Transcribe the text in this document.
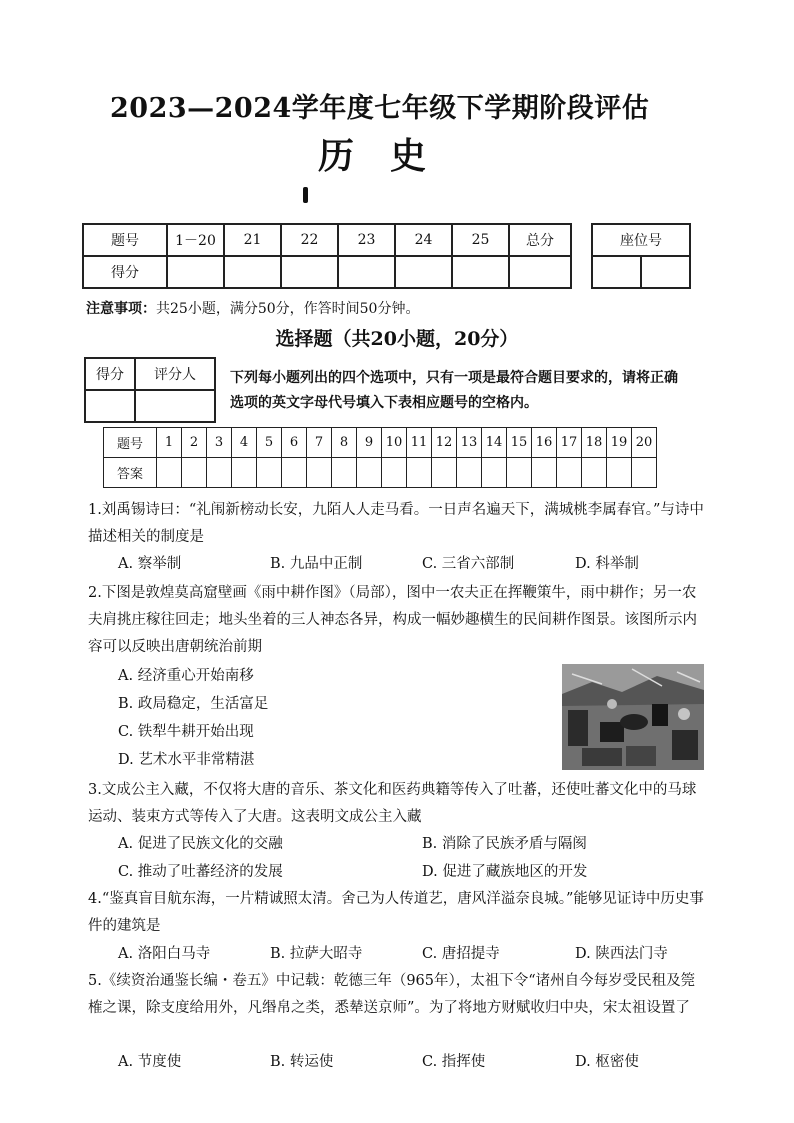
2023—2024学年度七年级下学期阶段评估
历史
题号	1－20	21	22	23	24	25	总分
得分							
座位号

注意事项：共25小题，满分50分，作答时间50分钟。
选择题（共20小题，20分）
得分	评分人
	下列每小题列出的四个选项中，只有一项是最符合题目要求的，请将正确选项的英文字母代号填入下表相应题号的空格内。
题号	1	2	3	4	5	6	7	8	9	10	11	12	13	14	15	16	17	18	19	20
答案																				
1.刘禹锡诗曰：“礼闱新榜动长安，九陌人人走马看。一日声名遍天下，满城桃李属春官。”与诗中描述相关的制度是
A. 察举制	B. 九品中正制	C. 三省六部制	D. 科举制
2.下图是敦煌莫高窟壁画《雨中耕作图》（局部），图中一农夫正在挥鞭策牛，雨中耕作；另一农夫肩挑庄稼往回走；地头坐着的三人神态各异，构成一幅妙趣横生的民间耕作图景。该图所示内容可以反映出唐朝统治前期
A. 经济重心开始南移
B. 政局稳定，生活富足
C. 铁犁牛耕开始出现
D. 艺术水平非常精湛
3.文成公主入藏，不仅将大唐的音乐、茶文化和医药典籍等传入了吐蕃，还使吐蕃文化中的马球运动、装束方式等传入了大唐。这表明文成公主入藏
A. 促进了民族文化的交融	B. 消除了民族矛盾与隔阂
C. 推动了吐蕃经济的发展	D. 促进了藏族地区的开发
4.“鉴真盲目航东海，一片精诚照太清。舍己为人传道艺，唐风洋溢奈良城。”能够见证诗中历史事件的建筑是
A. 洛阳白马寺	B. 拉萨大昭寺	C. 唐招提寺	D. 陕西法门寺
5.《续资治通鉴长编・卷五》中记载：乾德三年（965年），太祖下令“诸州自今每岁受民租及筦榷之课，除支度给用外，凡缗帛之类，悉辇送京师”。为了将地方财赋收归中央，宋太祖设置了
A. 节度使	B. 转运使	C. 指挥使	D. 枢密使
